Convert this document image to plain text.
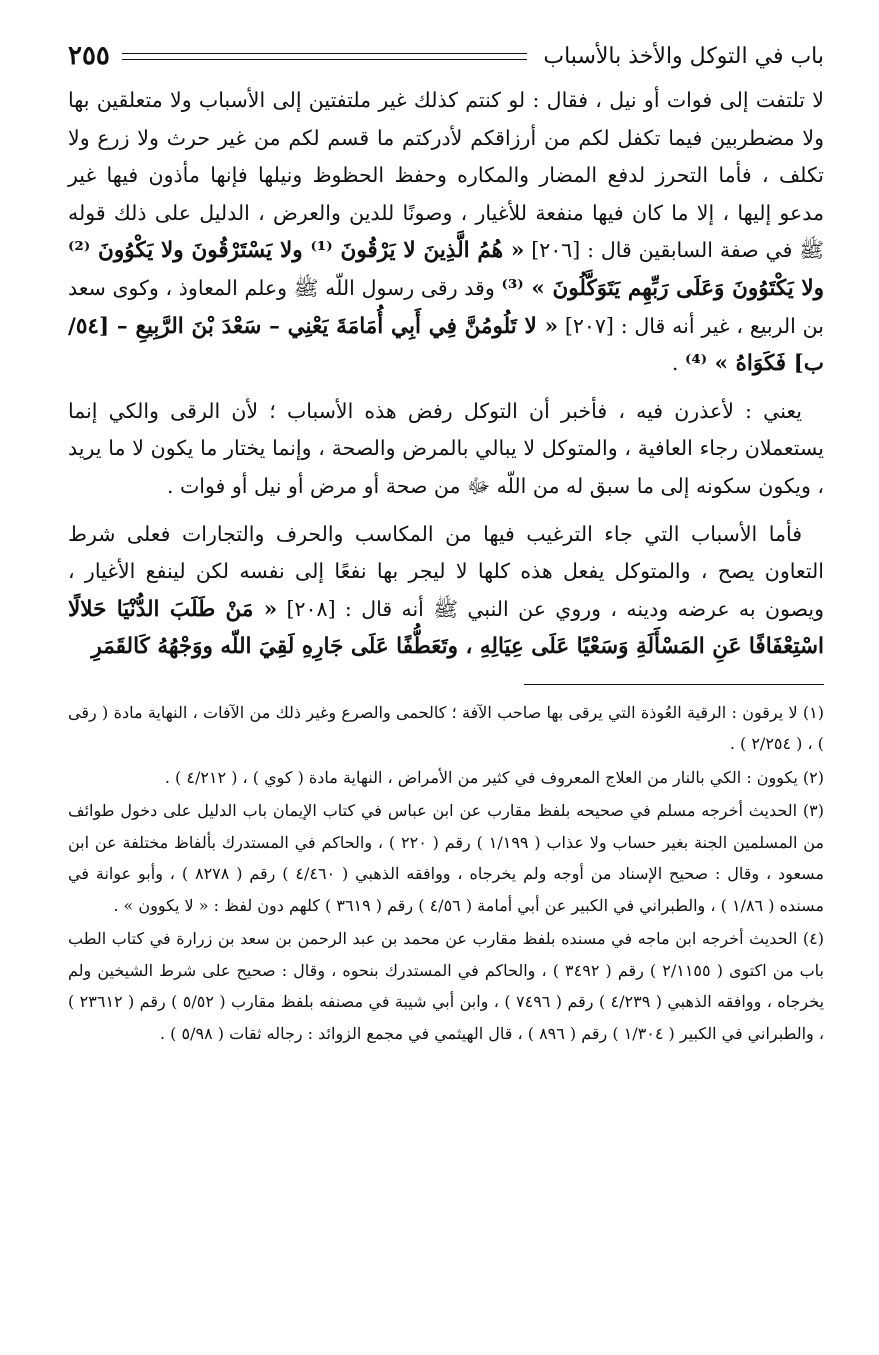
باب في التوكل والأخذ بالأسباب
٢٥٥

لا تلتفت إلى فوات أو نيل ، فقال : لو كنتم كذلك غير ملتفتين إلى الأسباب ولا متعلقين بها ولا مضطربين فيما تكفل لكم من أرزاقكم لأدركتم ما قسم لكم من غير حرث ولا زرع ولا تكلف ، فأما التحرز لدفع المضار والمكاره وحفظ الحظوظ ونيلها فإنها مأذون فيها غير مدعو إليها ، إلا ما كان فيها منفعة للأغيار ، وصونًا للدين والعرض ، الدليل على ذلك قوله ﷺ في صفة السابقين قال : [٢٠٦] « هُمُ الَّذِينَ لا يَرْقُونَ ⁽¹⁾ ولا يَسْتَرْقُونَ ولا يَكْوُونَ ⁽²⁾ ولا يَكْتَوُونَ وَعَلَى رَبِّهِم يَتَوَكَّلُونَ » ⁽³⁾ وقد رقى رسول اللّه ﷺ وعلم المعاوذ ، وكوى سعد بن الربيع ، غير أنه قال : [٢٠٧] « لا تَلُومُنَّ فِي أَبِي أُمَامَةَ يَعْنِي – سَعْدَ بْنَ الرَّبِيعِ – [٥٤/ب] فَكَوَاهُ » ⁽⁴⁾ .

يعني : لأعذرن فيه ، فأخبر أن التوكل رفض هذه الأسباب ؛ لأن الرقى والكي إنما يستعملان رجاء العافية ، والمتوكل لا يبالي بالمرض والصحة ، وإنما يختار ما يكون لا ما يريد ، ويكون سكونه إلى ما سبق له من اللّه ﷻ من صحة أو مرض أو نيل أو فوات .

فأما الأسباب التي جاء الترغيب فيها من المكاسب والحرف والتجارات فعلى شرط التعاون يصح ، والمتوكل يفعل هذه كلها لا ليجر بها نفعًا إلى نفسه لكن لينفع الأغيار ، ويصون به عرضه ودينه ، وروي عن النبي ﷺ أنه قال : [٢٠٨] « مَنْ طَلَبَ الدُّنْيَا حَلالًا اسْتِعْفَافًا عَنِ المَسْأَلَةِ وَسَعْيًا عَلَى عِيَالِهِ ، وتَعَطُّفًا عَلَى جَارِهِ لَقِيَ اللّه ووَجْهُهُ كَالقَمَرِ

(١) لا يرقون : الرقية العُوذة التي يرقى بها صاحب الآفة ؛ كالحمى والصرع وغير ذلك من الآفات ، النهاية مادة ( رقى ) ، ( ٢/٢٥٤ ) .

(٢) يكوون : الكي بالنار من العلاج المعروف في كثير من الأمراض ، النهاية مادة ( كوي ) ، ( ٤/٢١٢ ) .

(٣) الحديث أخرجه مسلم في صحيحه بلفظ مقارب عن ابن عباس في كتاب الإيمان باب الدليل على دخول طوائف من المسلمين الجنة بغير حساب ولا عذاب ( ١/١٩٩ ) رقم ( ٢٢٠ ) ، والحاكم في المستدرك بألفاظ مختلفة عن ابن مسعود ، وقال : صحيح الإسناد من أوجه ولم يخرجاه ، ووافقه الذهبي ( ٤/٤٦٠ ) رقم ( ٨٢٧٨ ) ، وأبو عوانة في مسنده ( ١/٨٦ ) ، والطبراني في الكبير عن أبي أمامة ( ٤/٥٦ ) رقم ( ٣٦١٩ ) كلهم دون لفظ : « لا يكوون » .

(٤) الحديث أخرجه ابن ماجه في مسنده بلفظ مقارب عن محمد بن عبد الرحمن بن سعد بن زرارة في كتاب الطب باب من اكتوى ( ٢/١١٥٥ ) رقم ( ٣٤٩٢ ) ، والحاكم في المستدرك بنحوه ، وقال : صحيح على شرط الشيخين ولم يخرجاه ، ووافقه الذهبي ( ٤/٢٣٩ ) رقم ( ٧٤٩٦ ) ، وابن أبي شيبة في مصنفه بلفظ مقارب ( ٥/٥٢ ) رقم ( ٢٣٦١٢ ) ، والطبراني في الكبير ( ١/٣٠٤ ) رقم ( ٨٩٦ ) ، قال الهيثمي في مجمع الزوائد : رجاله ثقات ( ٥/٩٨ ) .
